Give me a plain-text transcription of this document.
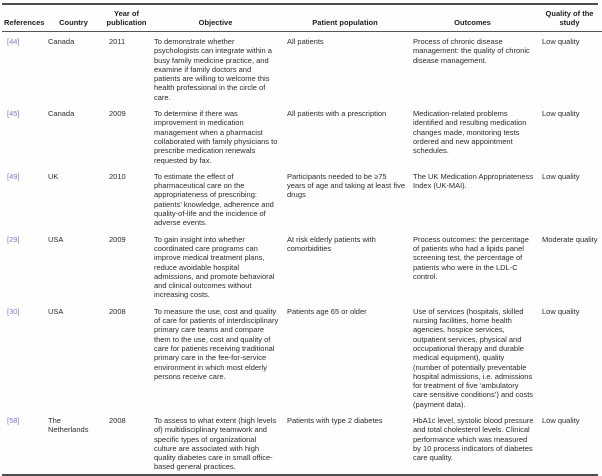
References	Country	Year of publication	Objective	Patient population	Outcomes	Quality of the study
[44]	Canada	2011	To demonstrate whether psychologists can integrate within a busy family medicine practice, and examine if family doctors and patients are willing to welcome this health professional in the circle of care.	All patients	Process of chronic disease management: the quality of chronic disease management.	Low quality
[45]	Canada	2009	To determine if there was improvement in medication management when a pharmacist collaborated with family physicians to prescribe medication renewals requested by fax.	All patients with a prescription	Medication-related problems identified and resulting medication changes made, monitoring tests ordered and new appointment schedules.	Low quality
[49]	UK	2010	To estimate the effect of pharmaceutical care on the appropriateness of prescribing: patients’ knowledge, adherence and quality-of-life and the incidence of adverse events.	Participants needed to be ≥75 years of age and taking at least five drugs	The UK Medication Appropriateness Index (UK-MAI).	Low quality
[29]	USA	2009	To gain insight into whether coordinated care programs can improve medical treatment plans, reduce avoidable hospital admissions, and promote behavioral and clinical outcomes without increasing costs.	At risk elderly patients with comorbidities	Process outcomes: the percentage of patients who had a lipids panel screening test, the percentage of patients who were in the LDL-C control.	Moderate quality
[30]	USA	2008	To measure the use, cost and quality of care for patients of interdisciplinary primary care teams and compare them to the use, cost and quality of care for patients receiving traditional primary care in the fee-for-service environment in which most elderly persons receive care.	Patients age 65 or older	Use of services (hospitals, skilled nursing facilities, home health agencies, hospice services, outpatient services, physical and occupational therapy and durable medical equipment), quality (number of potentially preventable hospital admissions, i.e. admissions for treatment of five ‘ambulatory care sensitive conditions’) and costs (payment data).	Low quality
[58]	The Netherlands	2008	To assess to what extent (high levels of) multidisciplinary teamwork and specific types of organizational culture are associated with high quality diabetes care in small office-based general practices.	Patients with type 2 diabetes	HbA1c level, systolic blood pressure and total cholesterol levels. Clinical performance which was measured by 10 process indicators of diabetes care quality.	Low quality
